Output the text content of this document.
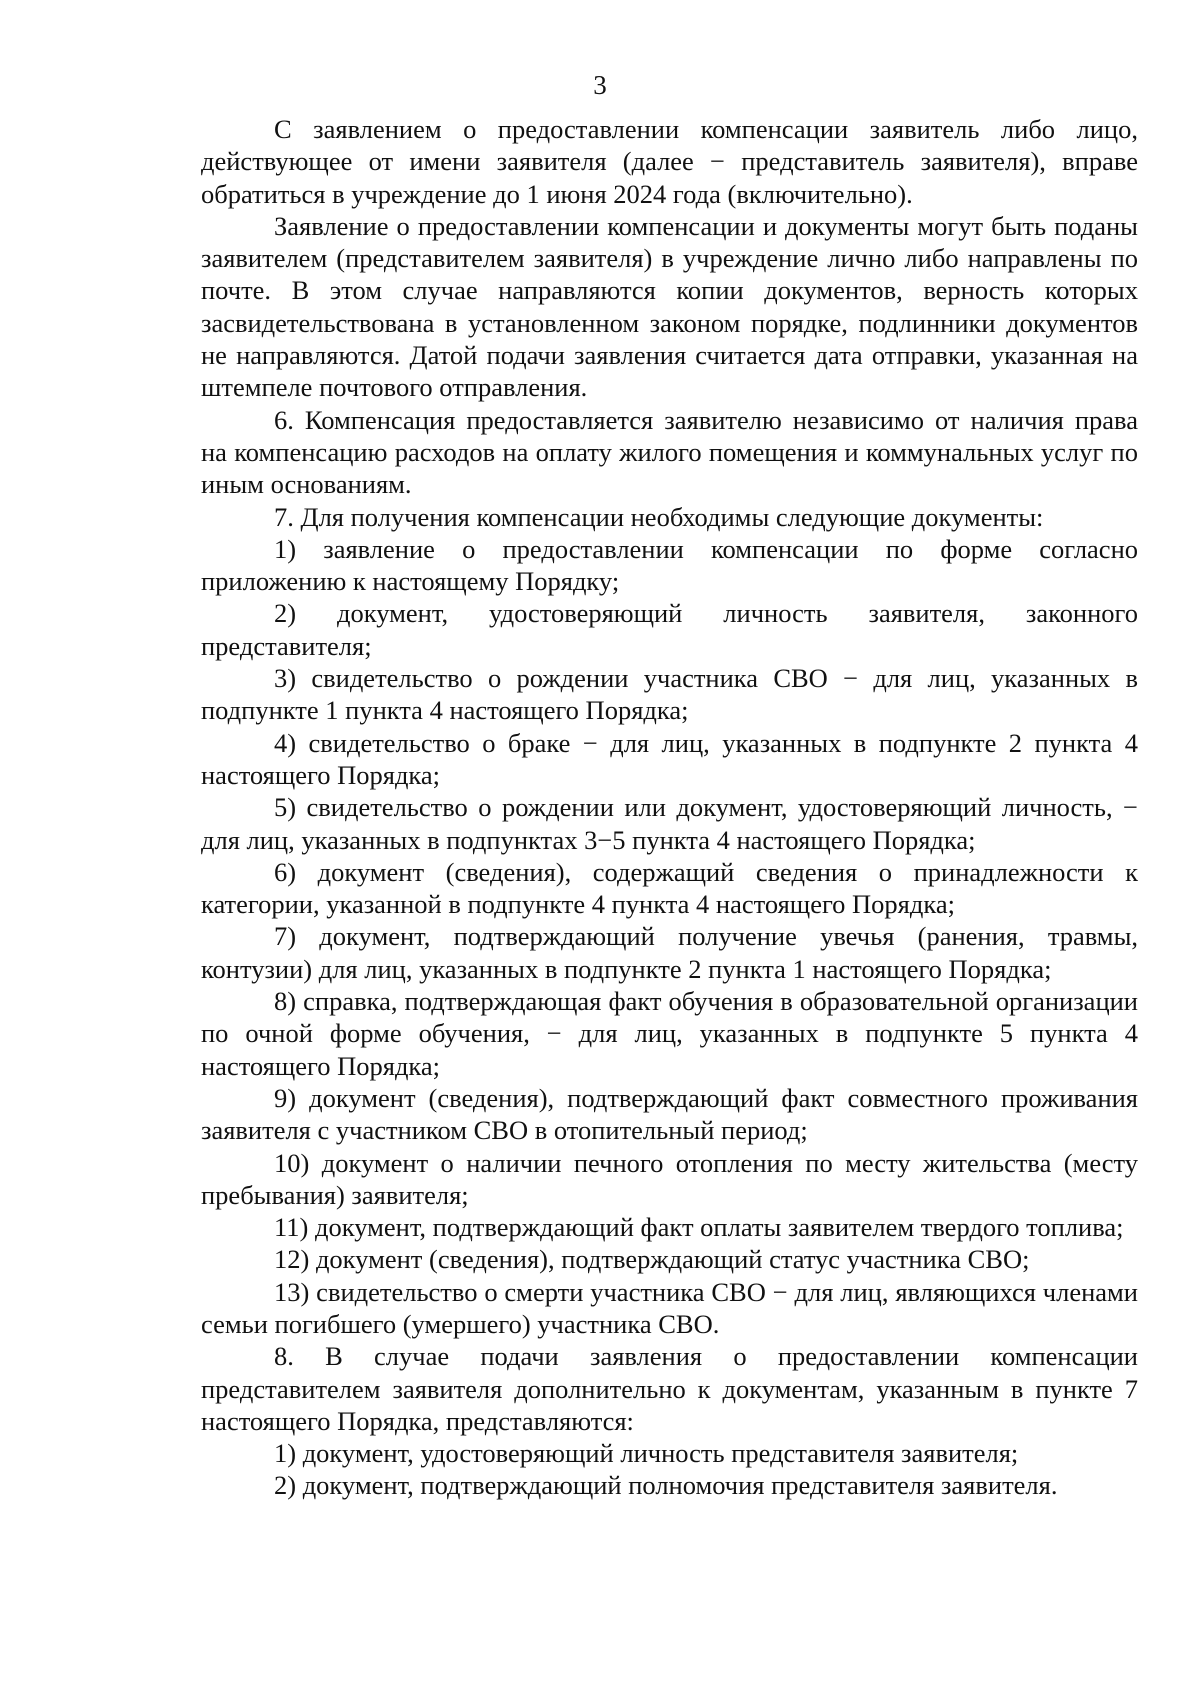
3

С заявлением о предоставлении компенсации заявитель либо лицо, действующее от имени заявителя (далее − представитель заявителя), вправе обратиться в учреждение до 1 июня 2024 года (включительно).

Заявление о предоставлении компенсации и документы могут быть поданы заявителем (представителем заявителя) в учреждение лично либо направлены по почте. В этом случае направляются копии документов, верность которых засвидетельствована в установленном законом порядке, подлинники документов не направляются. Датой подачи заявления считается дата отправки, указанная на штемпеле почтового отправления.

6. Компенсация предоставляется заявителю независимо от наличия права на компенсацию расходов на оплату жилого помещения и коммунальных услуг по иным основаниям.

7. Для получения компенсации необходимы следующие документы:

1) заявление о предоставлении компенсации по форме согласно приложению к настоящему Порядку;

2) документ, удостоверяющий личность заявителя, законного представителя;

3) свидетельство о рождении участника СВО − для лиц, указанных в подпункте 1 пункта 4 настоящего Порядка;

4) свидетельство о браке − для лиц, указанных в подпункте 2 пункта 4 настоящего Порядка;

5) свидетельство о рождении или документ, удостоверяющий личность, − для лиц, указанных в подпунктах 3−5 пункта 4 настоящего Порядка;

6) документ (сведения), содержащий сведения о принадлежности к категории, указанной в подпункте 4 пункта 4 настоящего Порядка;

7) документ, подтверждающий получение увечья (ранения, травмы, контузии) для лиц, указанных в подпункте 2 пункта 1 настоящего Порядка;

8) справка, подтверждающая факт обучения в образовательной организации по очной форме обучения, − для лиц, указанных в подпункте 5 пункта 4 настоящего Порядка;

9) документ (сведения), подтверждающий факт совместного проживания заявителя с участником СВО в отопительный период;

10) документ о наличии печного отопления по месту жительства (месту пребывания) заявителя;

11) документ, подтверждающий факт оплаты заявителем твердого топлива;

12) документ (сведения), подтверждающий статус участника СВО;

13) свидетельство о смерти участника СВО − для лиц, являющихся членами семьи погибшего (умершего) участника СВО.

8. В случае подачи заявления о предоставлении компенсации представителем заявителя дополнительно к документам, указанным в пункте 7 настоящего Порядка, представляются:

1) документ, удостоверяющий личность представителя заявителя;

2) документ, подтверждающий полномочия представителя заявителя.
